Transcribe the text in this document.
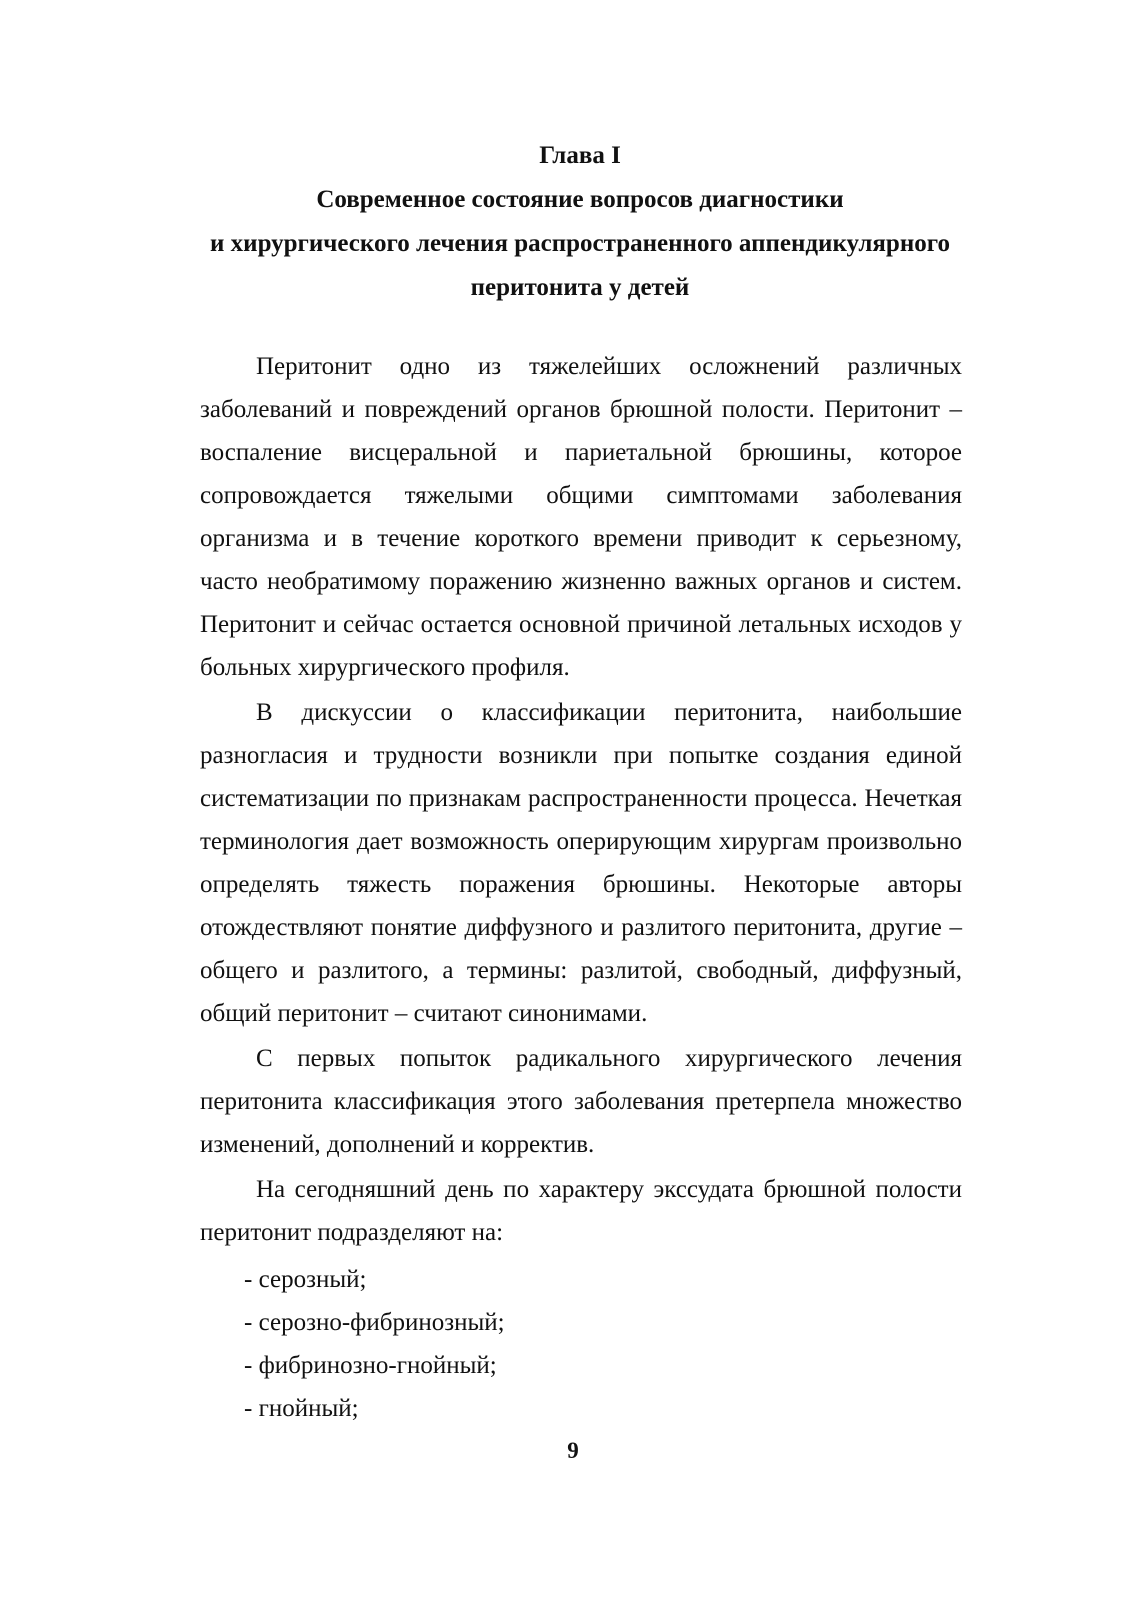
Глава I
Современное состояние вопросов диагностики
и хирургического лечения распространенного аппендикулярного
перитонита у детей

Перитонит одно из тяжелейших осложнений различных заболеваний и повреждений органов брюшной полости. Перитонит – воспаление висцеральной и париетальной брюшины, которое сопровождается тяжелыми общими симптомами заболевания организма и в течение короткого времени приводит к серьезному, часто необратимому поражению жизненно важных органов и систем. Перитонит и сейчас остается основной причиной летальных исходов у больных хирургического профиля.

В дискуссии о классификации перитонита, наибольшие разногласия и трудности возникли при попытке создания единой систематизации по признакам распространенности процесса. Нечеткая терминология дает возможность оперирующим хирургам произвольно определять тяжесть поражения брюшины. Некоторые авторы отождествляют понятие диффузного и разлитого перитонита, другие – общего и разлитого, а термины: разлитой, свободный, диффузный, общий перитонит – считают синонимами.

С первых попыток радикального хирургического лечения перитонита классификация этого заболевания претерпела множество изменений, дополнений и корректив.

На сегодняшний день по характеру экссудата брюшной полости перитонит подразделяют на:

- серозный;
- серозно-фибринозный;
- фибринозно-гнойный;
- гнойный;
9
